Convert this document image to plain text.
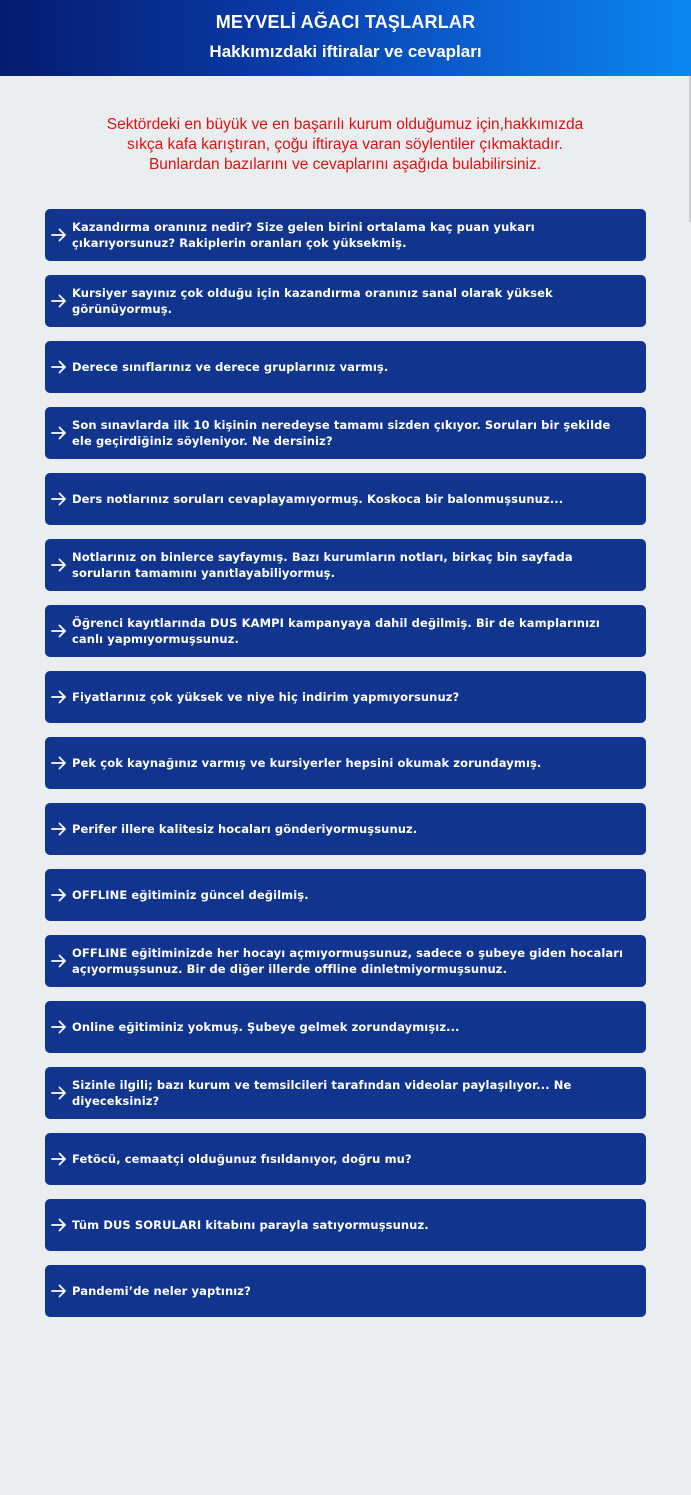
MEYVELİ AĞACI TAŞLARLAR
Hakkımızdaki iftiralar ve cevapları
Sektördeki en büyük ve en başarılı kurum olduğumuz için,hakkımızda
sıkça kafa karıştıran, çoğu iftiraya varan söylentiler çıkmaktadır.
Bunlardan bazılarını ve cevaplarını aşağıda bulabilirsiniz.
Kazandırma oranınız nedir? Size gelen birini ortalama kaç puan yukarı çıkarıyorsunuz? Rakiplerin oranları çok yüksekmiş.
Kursiyer sayınız çok olduğu için kazandırma oranınız sanal olarak yüksek görünüyormuş.
Derece sınıflarınız ve derece gruplarınız varmış.
Son sınavlarda ilk 10 kişinin neredeyse tamamı sizden çıkıyor. Soruları bir şekilde ele geçirdiğiniz söyleniyor. Ne dersiniz?
Ders notlarınız soruları cevaplayamıyormuş. Koskoca bir balonmuşsunuz...
Notlarınız on binlerce sayfaymış. Bazı kurumların notları, birkaç bin sayfada soruların tamamını yanıtlayabiliyormuş.
Öğrenci kayıtlarında DUS KAMPI kampanyaya dahil değilmiş. Bir de kamplarınızı canlı yapmıyormuşsunuz.
Fiyatlarınız çok yüksek ve niye hiç indirim yapmıyorsunuz?
Pek çok kaynağınız varmış ve kursiyerler hepsini okumak zorundaymış.
Perifer illere kalitesiz hocaları gönderiyormuşsunuz.
OFFLINE eğitiminiz güncel değilmiş.
OFFLINE eğitiminizde her hocayı açmıyormuşsunuz, sadece o şubeye giden hocaları açıyormuşsunuz. Bir de diğer illerde offline dinletmiyormuşsunuz.
Online eğitiminiz yokmuş. Şubeye gelmek zorundaymışız...
Sizinle ilgili; bazı kurum ve temsilcileri tarafından videolar paylaşılıyor... Ne diyeceksiniz?
Fetöcü, cemaatçi olduğunuz fısıldanıyor, doğru mu?
Tüm DUS SORULARI kitabını parayla satıyormuşsunuz.
Pandemi’de neler yaptınız?
